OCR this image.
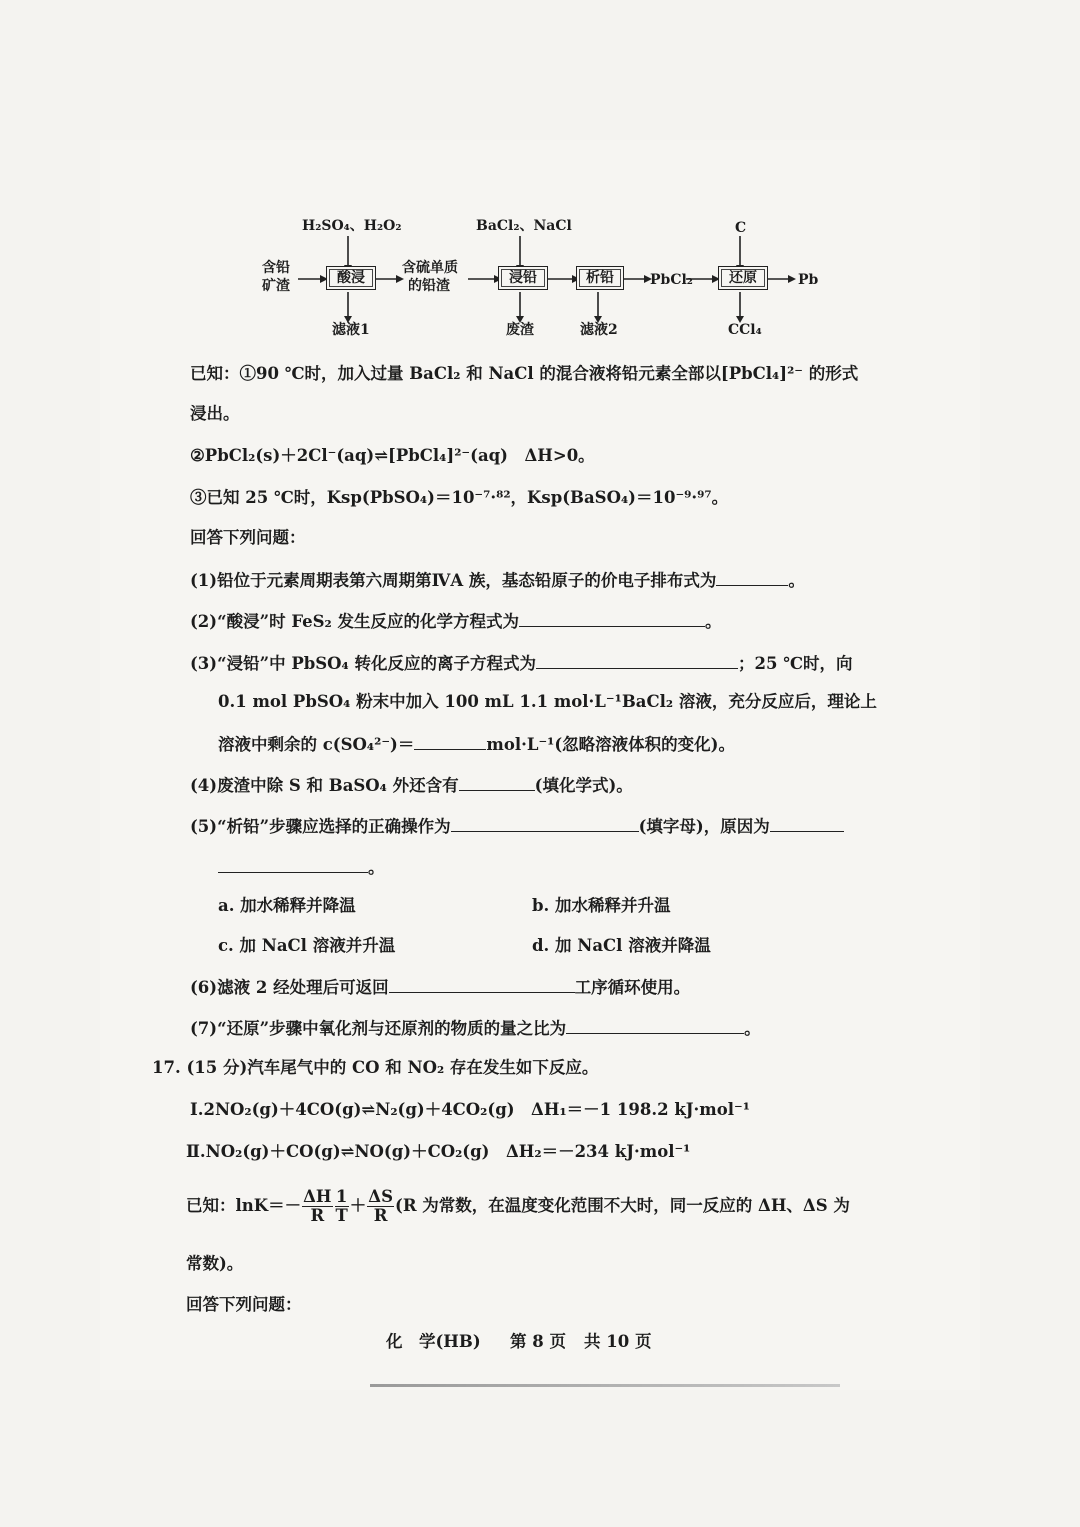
含铅
矿渣
H₂SO₄、H₂O₂
酸浸
滤液1
含硫单质
的铅渣
BaCl₂、NaCl
浸铅
废渣
析铅
滤液2
PbCl₂
C
还原
CCl₄
Pb
已知：①90 ℃时，加入过量 BaCl₂ 和 NaCl 的混合液将铅元素全部以[PbCl₄]²⁻ 的形式
浸出。
②PbCl₂(s)＋2Cl⁻(aq)⇌[PbCl₄]²⁻(aq)　ΔH>0。
③已知 25 ℃时，Ksp(PbSO₄)＝10⁻⁷·⁸²，Ksp(BaSO₄)＝10⁻⁹·⁹⁷。
回答下列问题：
(1)铅位于元素周期表第六周期第ⅣA 族，基态铅原子的价电子排布式为	。
(2)“酸浸”时 FeS₂ 发生反应的化学方程式为	。
(3)“浸铅”中 PbSO₄ 转化反应的离子方程式为	；25 ℃时，向
0.1 mol PbSO₄ 粉末中加入 100 mL 1.1 mol·L⁻¹BaCl₂ 溶液，充分反应后，理论上
溶液中剩余的 c(SO₄²⁻)＝	mol·L⁻¹(忽略溶液体积的变化)。
(4)废渣中除 S 和 BaSO₄ 外还含有	(填化学式)。
(5)“析铅”步骤应选择的正确操作为	(填字母)，原因为
。
a. 加水稀释并降温	b. 加水稀释并升温
c. 加 NaCl 溶液并升温	d. 加 NaCl 溶液并降温
(6)滤液 2 经处理后可返回	工序循环使用。
(7)“还原”步骤中氧化剂与还原剂的物质的量之比为	。
17. (15 分)汽车尾气中的 CO 和 NO₂ 存在发生如下反应。
Ⅰ.2NO₂(g)＋4CO(g)⇌N₂(g)＋4CO₂(g)　ΔH₁＝－1 198.2 kJ·mol⁻¹
Ⅱ.NO₂(g)＋CO(g)⇌NO(g)＋CO₂(g)　ΔH₂＝－234 kJ·mol⁻¹
已知：$\ln K=- \frac{\Delta H}{R} \frac{1}{T} + \frac{\Delta S}{R} (R$ 为常数，在温度变化范围不大时，同一反应的 ΔH、ΔS 为
常数)。
回答下列问题：
化　学(HB) 第 8 页 共 10 页
